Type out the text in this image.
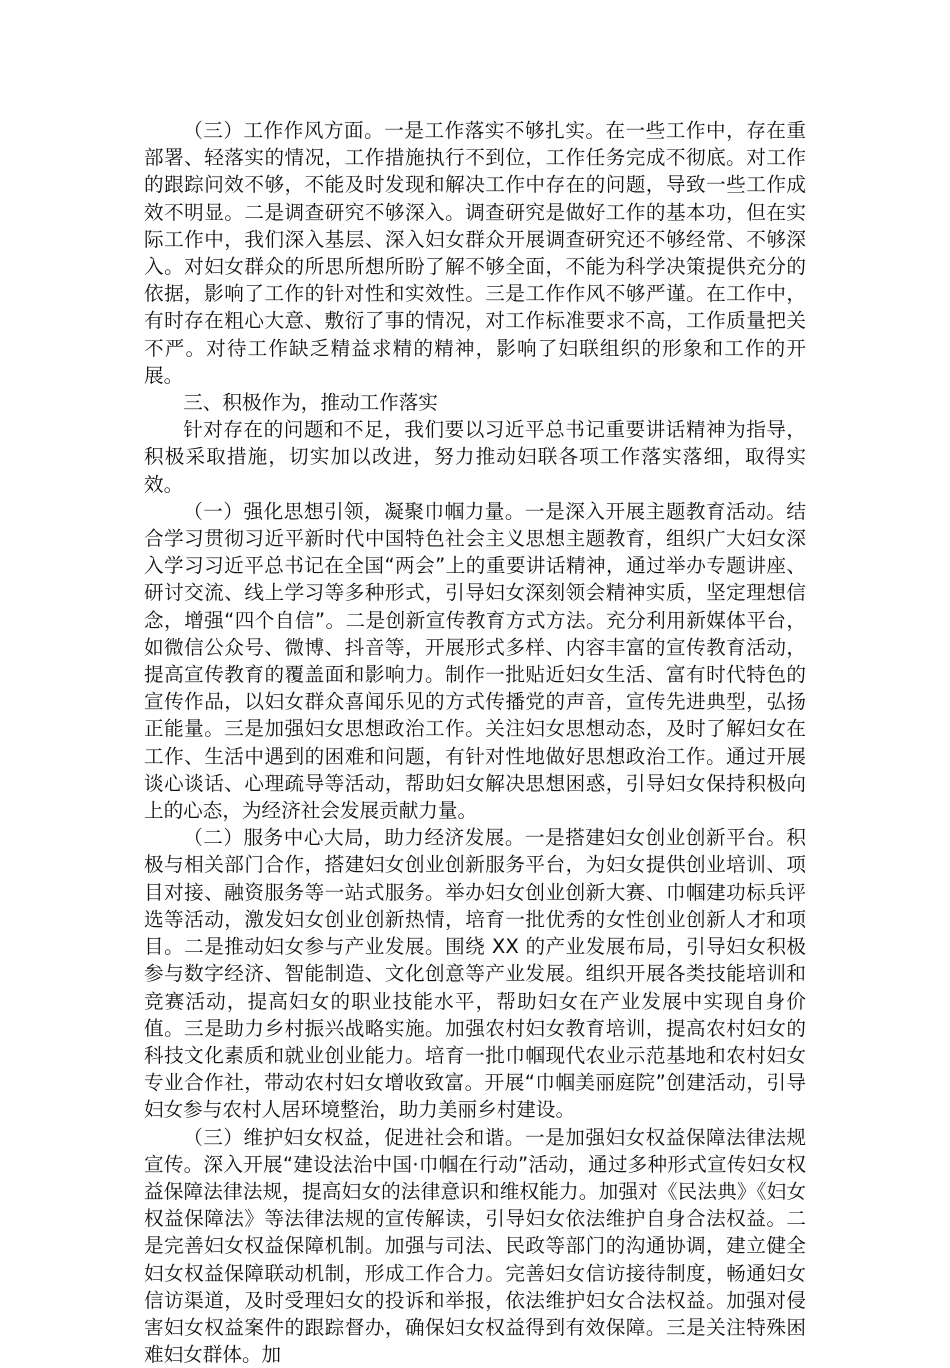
（三）工作作风方面。一是工作落实不够扎实。在一些工作中，存在重部署、轻落实的情况，工作措施执行不到位，工作任务完成不彻底。对工作的跟踪问效不够，不能及时发现和解决工作中存在的问题，导致一些工作成效不明显。二是调查研究不够深入。调查研究是做好工作的基本功，但在实际工作中，我们深入基层、深入妇女群众开展调查研究还不够经常、不够深入。对妇女群众的所思所想所盼了解不够全面，不能为科学决策提供充分的依据，影响了工作的针对性和实效性。三是工作作风不够严谨。在工作中，有时存在粗心大意、敷衍了事的情况，对工作标准要求不高，工作质量把关不严。对待工作缺乏精益求精的精神，影响了妇联组织的形象和工作的开展。

三、积极作为，推动工作落实

针对存在的问题和不足，我们要以习近平总书记重要讲话精神为指导，积极采取措施，切实加以改进，努力推动妇联各项工作落实落细，取得实效。

（一）强化思想引领，凝聚巾帼力量。一是深入开展主题教育活动。结合学习贯彻习近平新时代中国特色社会主义思想主题教育，组织广大妇女深入学习习近平总书记在全国“两会”上的重要讲话精神，通过举办专题讲座、研讨交流、线上学习等多种形式，引导妇女深刻领会精神实质，坚定理想信念，增强“四个自信”。二是创新宣传教育方式方法。充分利用新媒体平台，如微信公众号、微博、抖音等，开展形式多样、内容丰富的宣传教育活动，提高宣传教育的覆盖面和影响力。制作一批贴近妇女生活、富有时代特色的宣传作品，以妇女群众喜闻乐见的方式传播党的声音，宣传先进典型，弘扬正能量。三是加强妇女思想政治工作。关注妇女思想动态，及时了解妇女在工作、生活中遇到的困难和问题，有针对性地做好思想政治工作。通过开展谈心谈话、心理疏导等活动，帮助妇女解决思想困惑，引导妇女保持积极向上的心态，为经济社会发展贡献力量。

（二）服务中心大局，助力经济发展。一是搭建妇女创业创新平台。积极与相关部门合作，搭建妇女创业创新服务平台，为妇女提供创业培训、项目对接、融资服务等一站式服务。举办妇女创业创新大赛、巾帼建功标兵评选等活动，激发妇女创业创新热情，培育一批优秀的女性创业创新人才和项目。二是推动妇女参与产业发展。围绕 XX 的产业发展布局，引导妇女积极参与数字经济、智能制造、文化创意等产业发展。组织开展各类技能培训和竞赛活动，提高妇女的职业技能水平，帮助妇女在产业发展中实现自身价值。三是助力乡村振兴战略实施。加强农村妇女教育培训，提高农村妇女的科技文化素质和就业创业能力。培育一批巾帼现代农业示范基地和农村妇女专业合作社，带动农村妇女增收致富。开展“巾帼美丽庭院”创建活动，引导妇女参与农村人居环境整治，助力美丽乡村建设。

（三）维护妇女权益，促进社会和谐。一是加强妇女权益保障法律法规宣传。深入开展“建设法治中国·巾帼在行动”活动，通过多种形式宣传妇女权益保障法律法规，提高妇女的法律意识和维权能力。加强对《民法典》《妇女权益保障法》等法律法规的宣传解读，引导妇女依法维护自身合法权益。二是完善妇女权益保障机制。加强与司法、民政等部门的沟通协调，建立健全妇女权益保障联动机制，形成工作合力。完善妇女信访接待制度，畅通妇女信访渠道，及时受理妇女的投诉和举报，依法维护妇女合法权益。加强对侵害妇女权益案件的跟踪督办，确保妇女权益得到有效保障。三是关注特殊困难妇女群体。加
